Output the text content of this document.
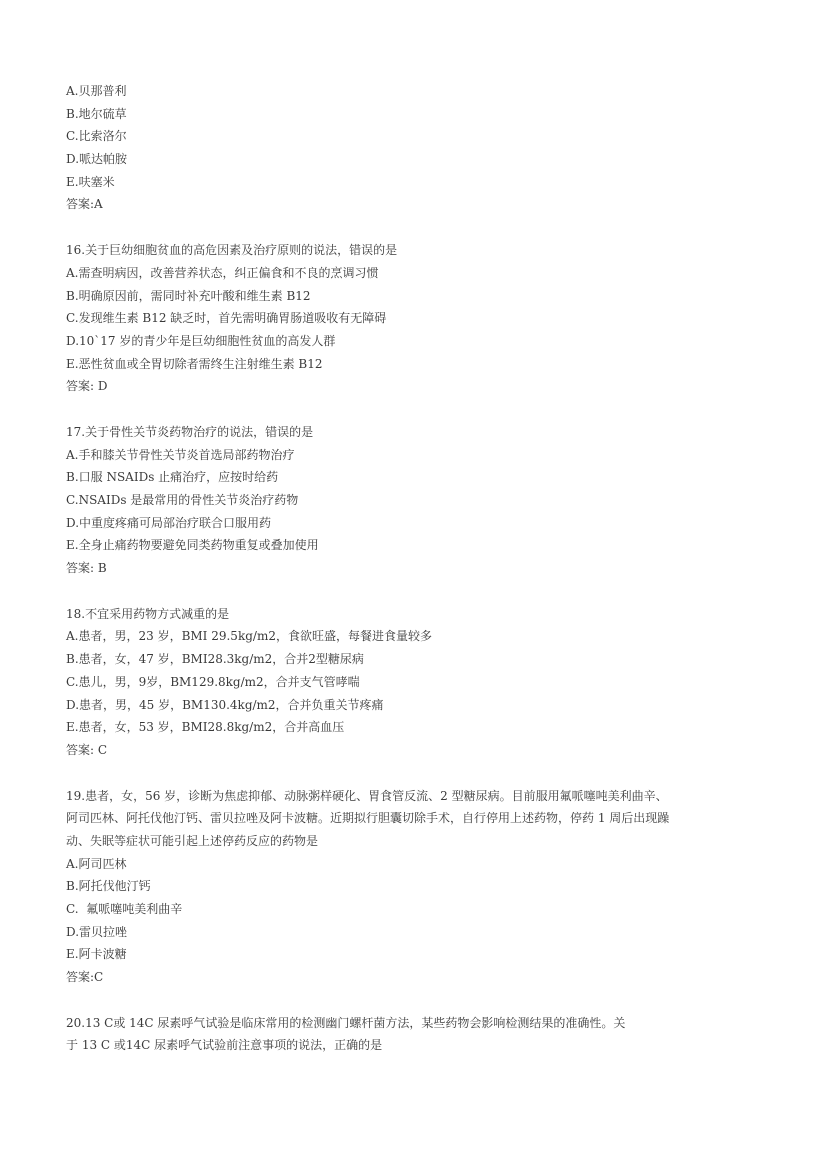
A.贝那普利
B.地尔硫草
C.比索洛尔
D.哌达帕胺
E.呋塞米
答案:A
16.关于巨幼细胞贫血的高危因素及治疗原则的说法，错误的是
A.需查明病因，改善营养状态，纠正偏食和不良的烹调习惯
B.明确原因前，需同时补充叶酸和维生素 B12
C.发现维生素 B12 缺乏时，首先需明确胃肠道吸收有无障碍
D.10`17 岁的青少年是巨幼细胞性贫血的高发人群
E.恶性贫血或全胃切除者需终生注射维生素 B12
答案: D
17.关于骨性关节炎药物治疗的说法，错误的是
A.手和膝关节骨性关节炎首选局部药物治疗
B.口服 NSAIDs 止痛治疗，应按时给药
C.NSAIDs 是最常用的骨性关节炎治疗药物
D.中重度疼痛可局部治疗联合口服用药
E.全身止痛药物要避免同类药物重复或叠加使用
答案: B
18.不宜采用药物方式减重的是
A.患者，男，23 岁，BMI 29.5kg/m2，食欲旺盛，每餐进食量较多
B.患者，女，47 岁，BMI28.3kg/m2，合并2型糖尿病
C.患儿，男，9岁，BM129.8kg/m2，合并支气管哮喘
D.患者，男，45 岁，BM130.4kg/m2，合并负重关节疼痛
E.患者，女，53 岁，BMI28.8kg/m2，合并高血压
答案: C
19.患者，女，56 岁，诊断为焦虑抑郁、动脉粥样硬化、胃食管反流、2 型糖尿病。目前服用氟哌噻吨美利曲辛、
阿司匹林、阿托伐他汀钙、雷贝拉唑及阿卡波糖。近期拟行胆囊切除手术，自行停用上述药物，停药 1 周后出现躁
动、失眠等症状可能引起上述停药反应的药物是
A.阿司匹林
B.阿托伐他汀钙
C.  氟哌噻吨美利曲辛
D.雷贝拉唑
E.阿卡波糖
答案:C
20.13 C或 14C 尿素呼气试验是临床常用的检测幽门螺杆菌方法，某些药物会影响检测结果的准确性。关
于 13 C 或14C 尿素呼气试验前注意事项的说法，正确的是
